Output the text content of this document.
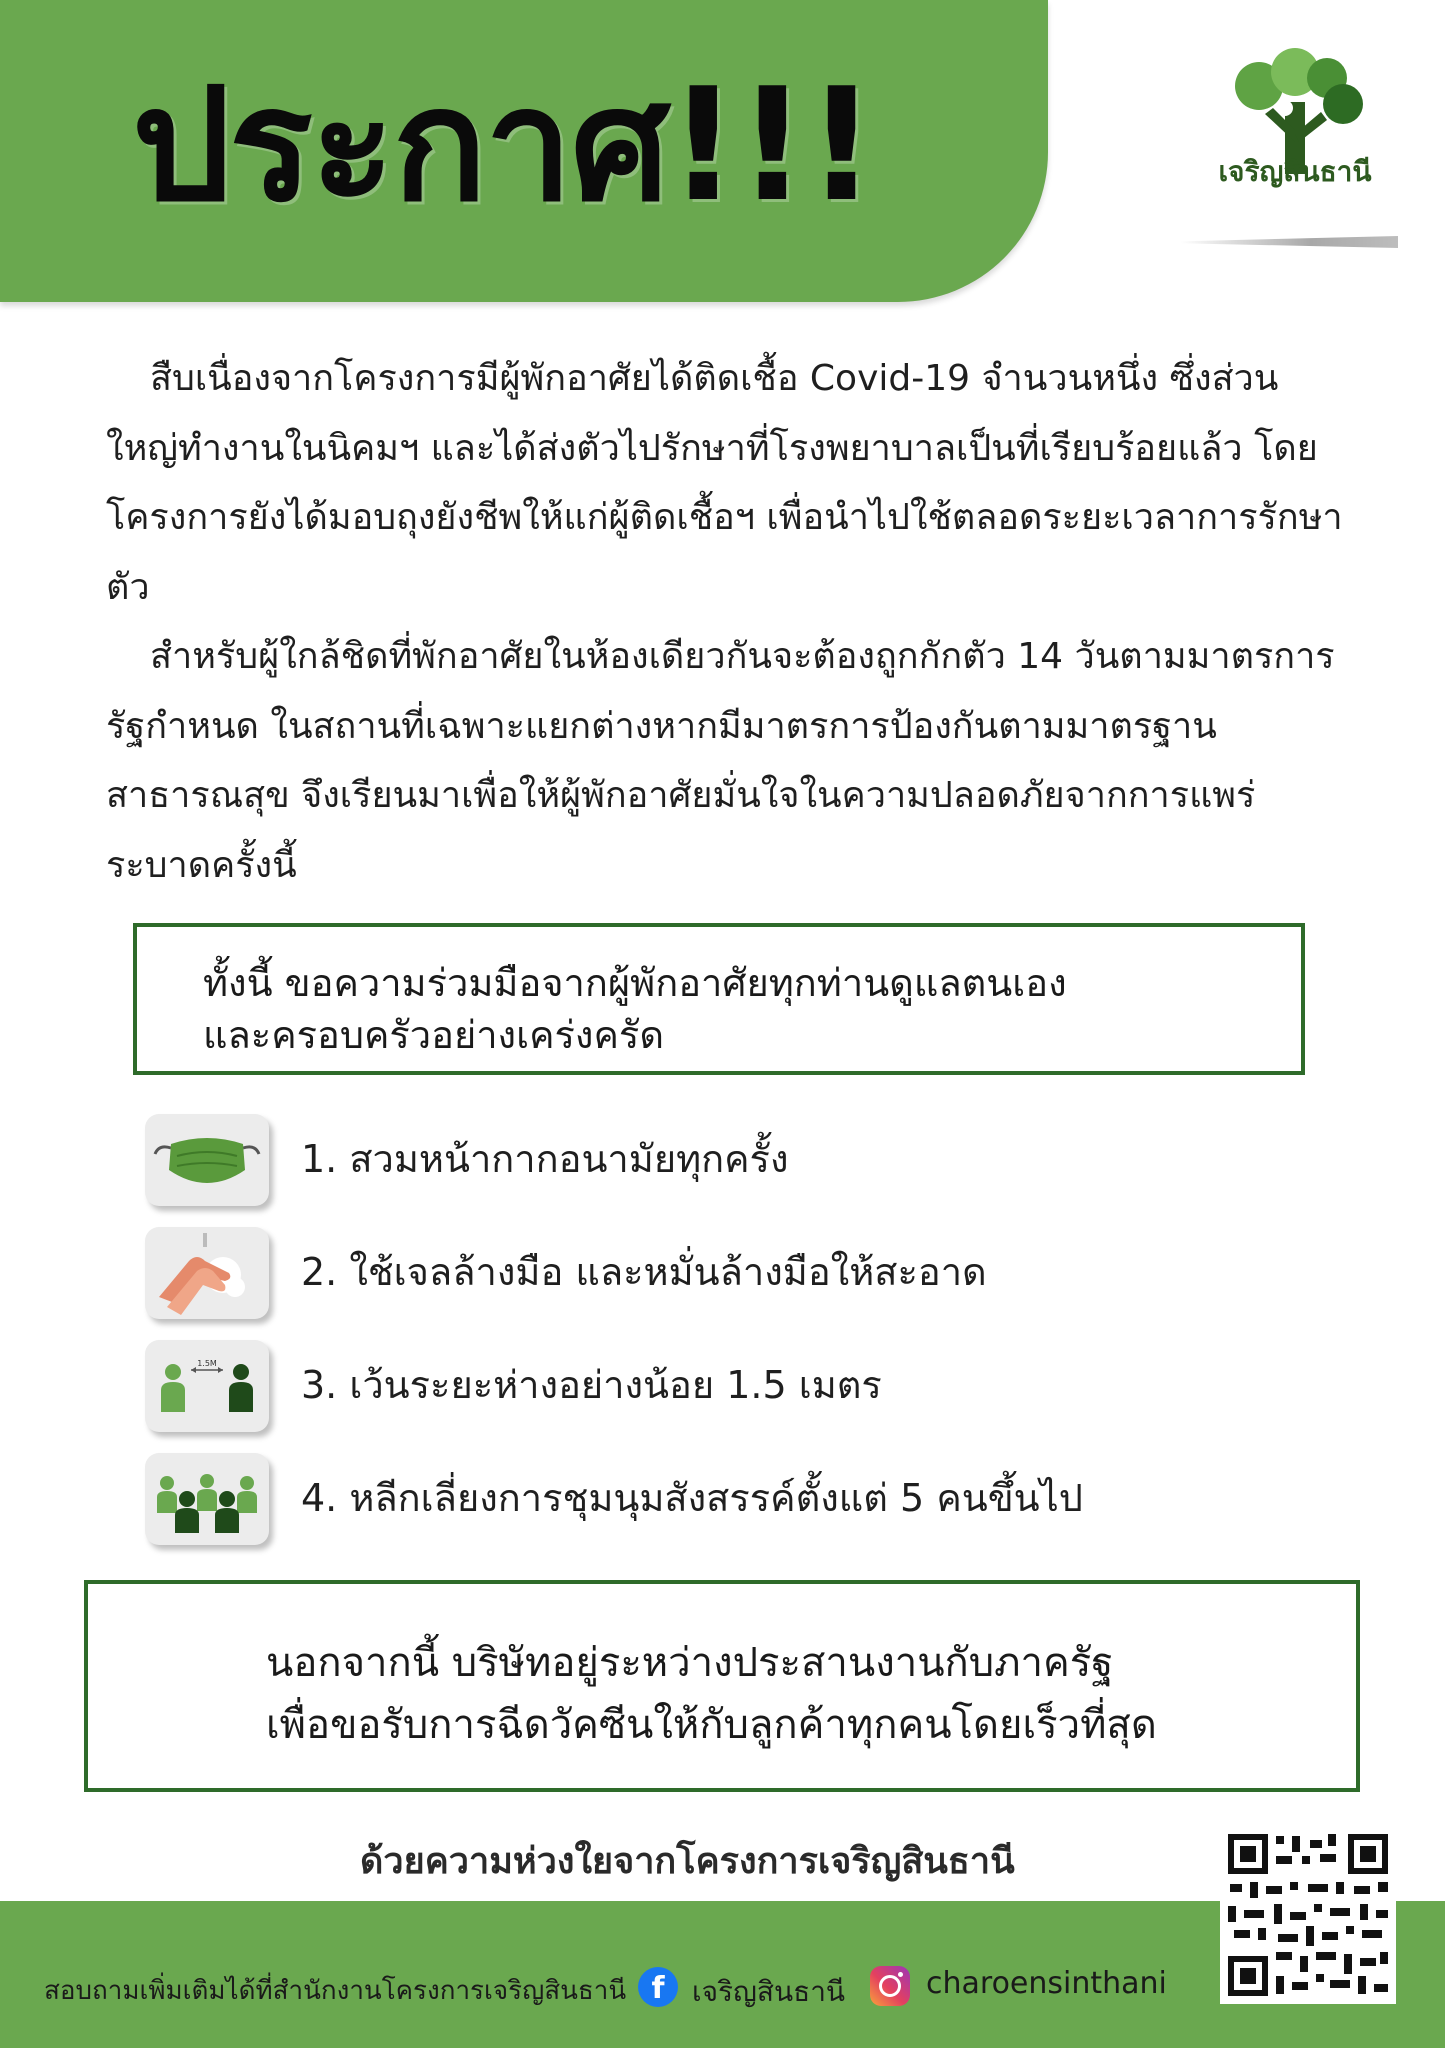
ประกาศ!!!	เจริญสินธานี

สืบเนื่องจากโครงการมีผู้พักอาศัยได้ติดเชื้อ Covid-19 จำนวนหนึ่ง ซึ่งส่วนใหญ่ทำงานในนิคมฯ และได้ส่งตัวไปรักษาที่โรงพยาบาลเป็นที่เรียบร้อยแล้ว โดยโครงการยังได้มอบถุงยังชีพให้แก่ผู้ติดเชื้อฯ เพื่อนำไปใช้ตลอดระยะเวลาการรักษาตัว

สำหรับผู้ใกล้ชิดที่พักอาศัยในห้องเดียวกันจะต้องถูกกักตัว 14 วันตามมาตรการรัฐกำหนด ในสถานที่เฉพาะแยกต่างหากมีมาตรการป้องกันตามมาตรฐานสาธารณสุข จึงเรียนมาเพื่อให้ผู้พักอาศัยมั่นใจในความปลอดภัยจากการแพร่ระบาดครั้งนี้

ทั้งนี้ ขอความร่วมมือจากผู้พักอาศัยทุกท่านดูแลตนเอง
และครอบครัวอย่างเคร่งครัด
1. สวมหน้ากากอนามัยทุกครั้ง
2. ใช้เจลล้างมือ และหมั่นล้างมือให้สะอาด
1.5M 3. เว้นระยะห่างอย่างน้อย 1.5 เมตร
4. หลีกเลี่ยงการชุมนุมสังสรรค์ตั้งแต่ 5 คนขึ้นไป
นอกจากนี้ บริษัทอยู่ระหว่างประสานงานกับภาครัฐ
เพื่อขอรับการฉีดวัคซีนให้กับลูกค้าทุกคนโดยเร็วที่สุด
ด้วยความห่วงใยจากโครงการเจริญสินธานี
สอบถามเพิ่มเติมได้ที่สำนักงานโครงการเจริญสินธานี f เจริญสินธานี	charoensinthani
